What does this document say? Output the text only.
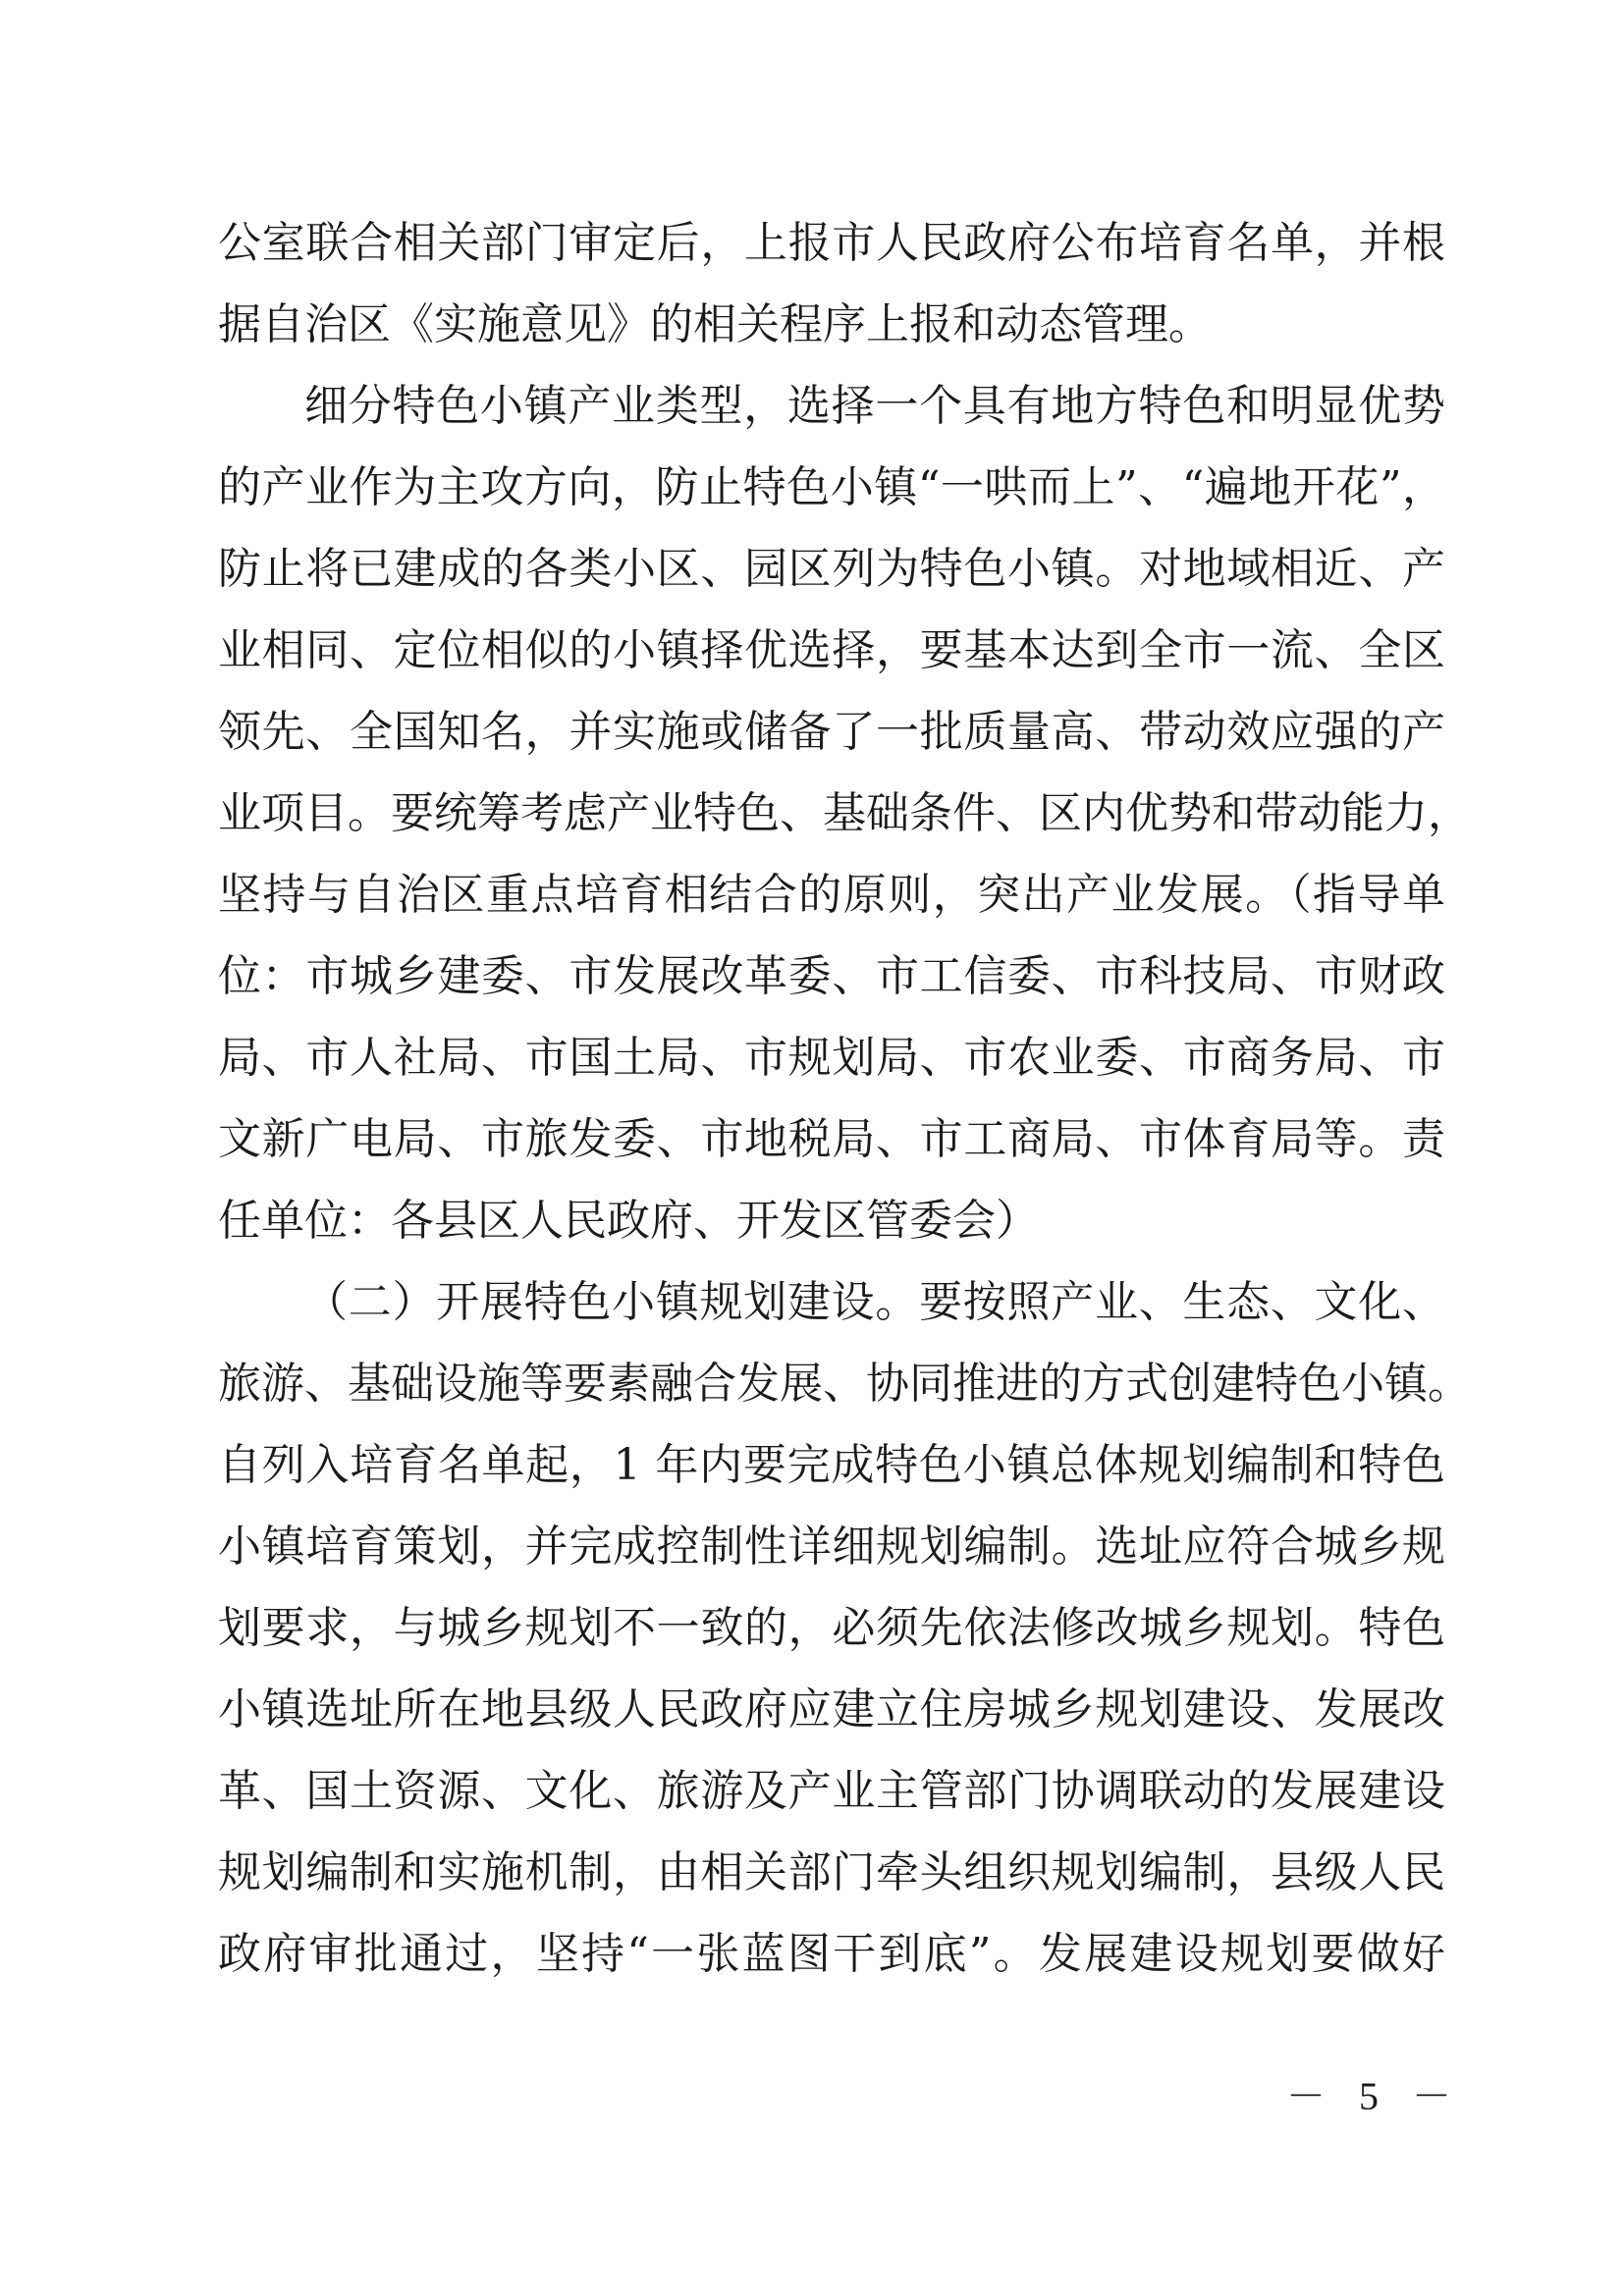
公室联合相关部门审定后，上报市人民政府公布培育名单，并根
据自治区《实施意见》的相关程序上报和动态管理。
细分特色小镇产业类型，选择一个具有地方特色和明显优势
的产业作为主攻方向，防止特色小镇“一哄而上”、“遍地开花”，
防止将已建成的各类小区、园区列为特色小镇。对地域相近、产
业相同、定位相似的小镇择优选择，要基本达到全市一流、全区
领先、全国知名，并实施或储备了一批质量高、带动效应强的产
业项目。要统筹考虑产业特色、基础条件、区内优势和带动能力，
坚持与自治区重点培育相结合的原则，突出产业发展。（指导单
位：市城乡建委、市发展改革委、市工信委、市科技局、市财政
局、市人社局、市国土局、市规划局、市农业委、市商务局、市
文新广电局、市旅发委、市地税局、市工商局、市体育局等。责
任单位：各县区人民政府、开发区管委会）
（二）开展特色小镇规划建设。要按照产业、生态、文化、
旅游、基础设施等要素融合发展、协同推进的方式创建特色小镇。
自列入培育名单起，1 年内要完成特色小镇总体规划编制和特色
小镇培育策划，并完成控制性详细规划编制。选址应符合城乡规
划要求，与城乡规划不一致的，必须先依法修改城乡规划。特色
小镇选址所在地县级人民政府应建立住房城乡规划建设、发展改
革、国土资源、文化、旅游及产业主管部门协调联动的发展建设
规划编制和实施机制，由相关部门牵头组织规划编制，县级人民
政府审批通过，坚持“一张蓝图干到底”。发展建设规划要做好
－ 5 －
